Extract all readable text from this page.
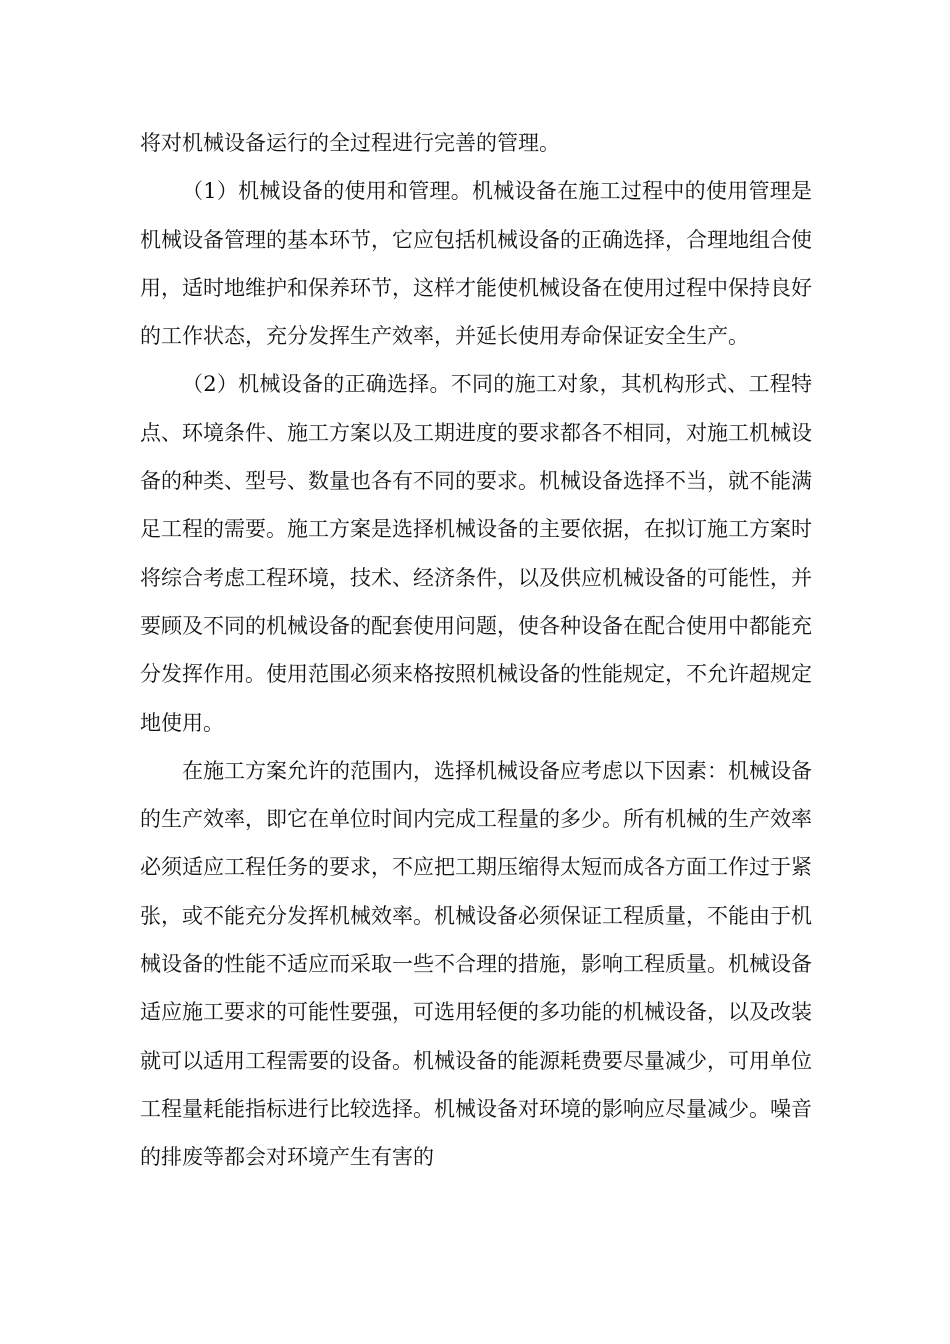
将对机械设备运行的全过程进行完善的管理。

（1）机械设备的使用和管理。机械设备在施工过程中的使用管理是机械设备管理的基本环节，它应包括机械设备的正确选择，合理地组合使用，适时地维护和保养环节，这样才能使机械设备在使用过程中保持良好的工作状态，充分发挥生产效率，并延长使用寿命保证安全生产。

（2）机械设备的正确选择。不同的施工对象，其机构形式、工程特点、环境条件、施工方案以及工期进度的要求都各不相同，对施工机械设备的种类、型号、数量也各有不同的要求。机械设备选择不当，就不能满足工程的需要。施工方案是选择机械设备的主要依据，在拟订施工方案时将综合考虑工程环境，技术、经济条件，以及供应机械设备的可能性，并要顾及不同的机械设备的配套使用问题，使各种设备在配合使用中都能充分发挥作用。使用范围必须来格按照机械设备的性能规定，不允许超规定地使用。

在施工方案允许的范围内，选择机械设备应考虑以下因素：机械设备的生产效率，即它在单位时间内完成工程量的多少。所有机械的生产效率必须适应工程任务的要求，不应把工期压缩得太短而成各方面工作过于紧张，或不能充分发挥机械效率。机械设备必须保证工程质量，不能由于机械设备的性能不适应而采取一些不合理的措施，影响工程质量。机械设备适应施工要求的可能性要强，可选用轻便的多功能的机械设备，以及改装就可以适用工程需要的设备。机械设备的能源耗费要尽量减少，可用单位工程量耗能指标进行比较选择。机械设备对环境的影响应尽量减少。噪音的排废等都会对环境产生有害的
